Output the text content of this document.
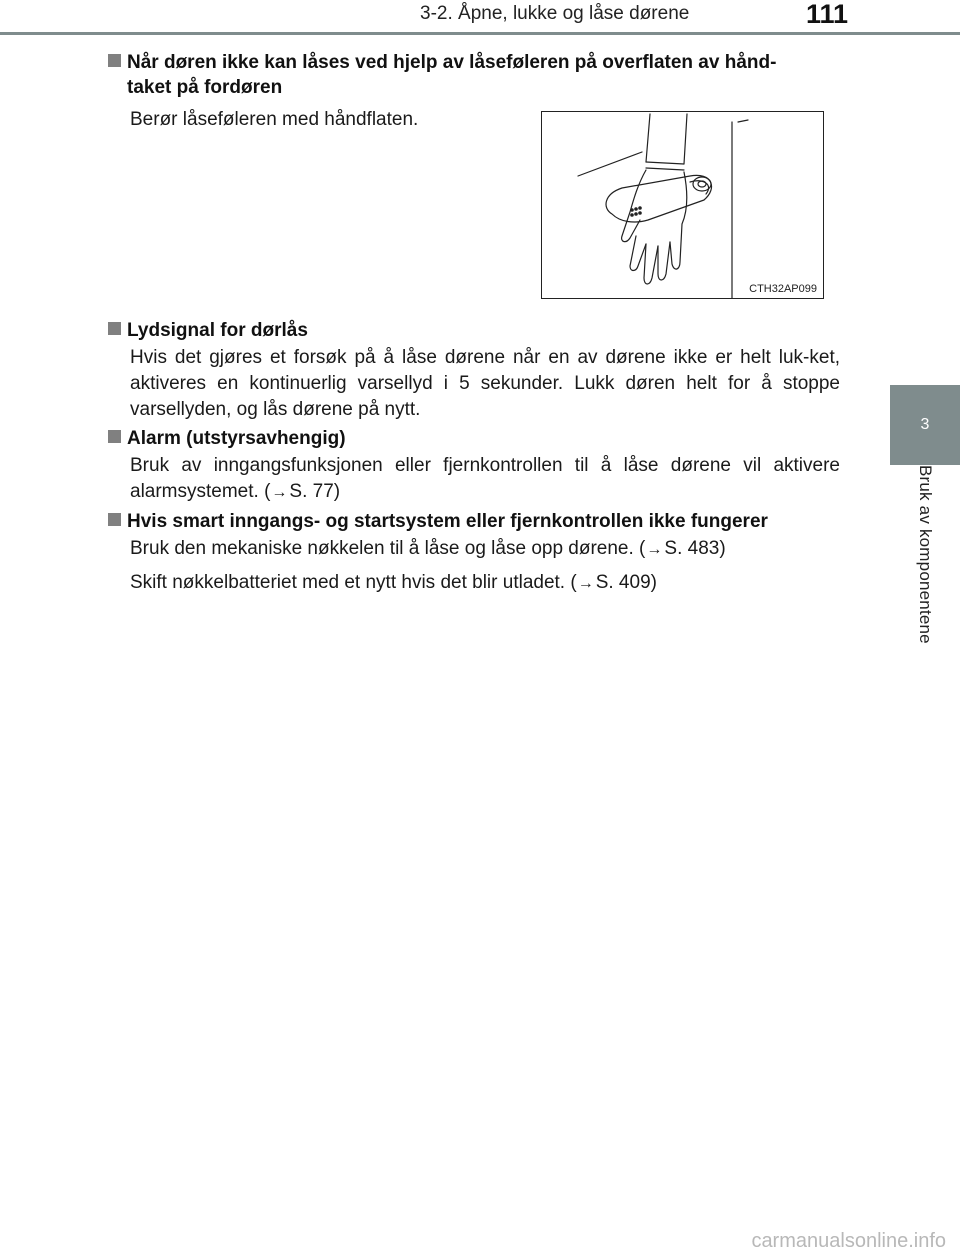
3-2. Åpne, lukke og låse dørene	111
3
Bruk av komponentene
Når døren ikke kan låses ved hjelp av låseføleren på overflaten av hånd-
taket på fordøren
Berør låseføleren med håndflaten.
CTH32AP099
Lydsignal for dørlås
Hvis det gjøres et forsøk på å låse dørene når en av dørene ikke er helt luk-ket, aktiveres en kontinuerlig varsellyd i 5 sekunder. Lukk døren helt for å stoppe varsellyden, og lås dørene på nytt.
Alarm (utstyrsavhengig)
Bruk av inngangsfunksjonen eller fjernkontrollen til å låse dørene vil aktivere alarmsystemet. (→ S. 77)
Hvis smart inngangs- og startsystem eller fjernkontrollen ikke fungerer
Bruk den mekaniske nøkkelen til å låse og låse opp dørene. (→ S. 483)
Skift nøkkelbatteriet med et nytt hvis det blir utladet. (→ S. 409)
carmanualsonline.info
